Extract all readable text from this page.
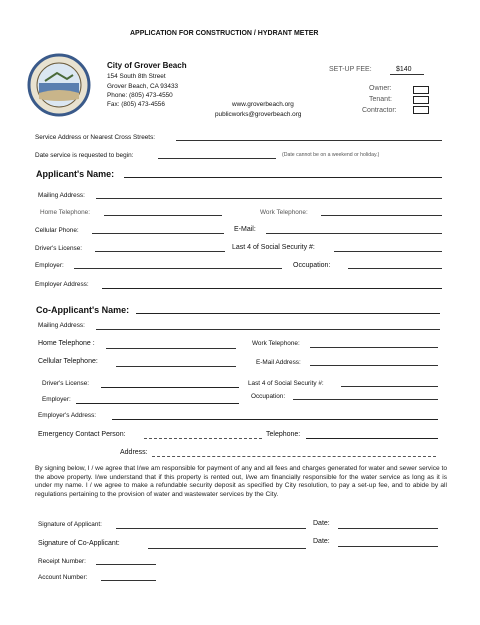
APPLICATION FOR CONSTRUCTION / HYDRANT METER
City of Grover Beach
154 South 8th Street
Grover Beach, CA 93433
Phone: (805) 473-4550
Fax: (805) 473-4556	www.groverbeach.org
publicworks@groverbeach.org
SET-UP FEE:	$140
Owner:
Tenant:
Contractor:
Service Address or Nearest Cross Streets:
Date service is requested to begin:	(Date cannot be on a weekend or holiday.)
Applicant's Name:
Mailing Address:
Home Telephone:	Work Telephone:
Cellular Phone:	E-Mail:
Driver's License:	Last 4 of Social Security #:
Employer:	Occupation:
Employer Address:
Co-Applicant's Name:
Mailing Address:
Home Telephone :	Work Telephone:
Cellular Telephone:	E-Mail Address:
Driver's License:	Last 4 of Social Security #:
Employer:	Occupation:
Employer's Address:
Emergency Contact Person:	Telephone:
Address:

By signing below, I / we agree that I/we am responsible for payment of any and all fees and charges generated for water and sewer service to the above property. I/we understand that if this property is rented out, I/we am financially responsible for the water service as long as it is under my name. I / we agree to make a refundable security deposit as specified by City resolution, to pay a set-up fee, and to abide by all regulations pertaining to the provision of water and wastewater services by the City.

Signature of Applicant:	Date:
Signature of Co-Applicant:	Date:
Receipt Number:
Account Number:
